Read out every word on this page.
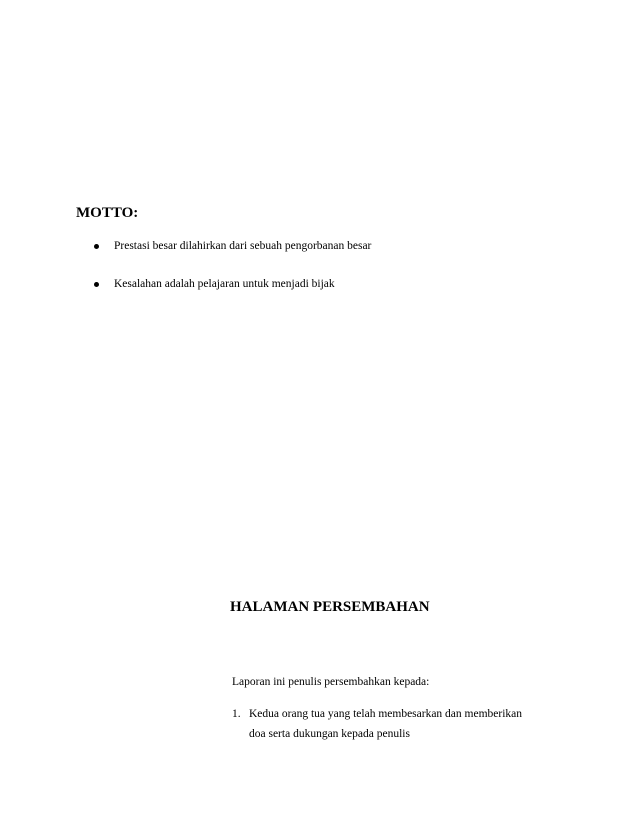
MOTTO:
Prestasi besar dilahirkan dari sebuah pengorbanan besar
Kesalahan adalah pelajaran untuk menjadi bijak
HALAMAN PERSEMBAHAN

Laporan ini penulis persembahkan kepada:

1. Kedua orang tua yang telah membesarkan dan memberikan
doa serta dukungan kepada penulis
